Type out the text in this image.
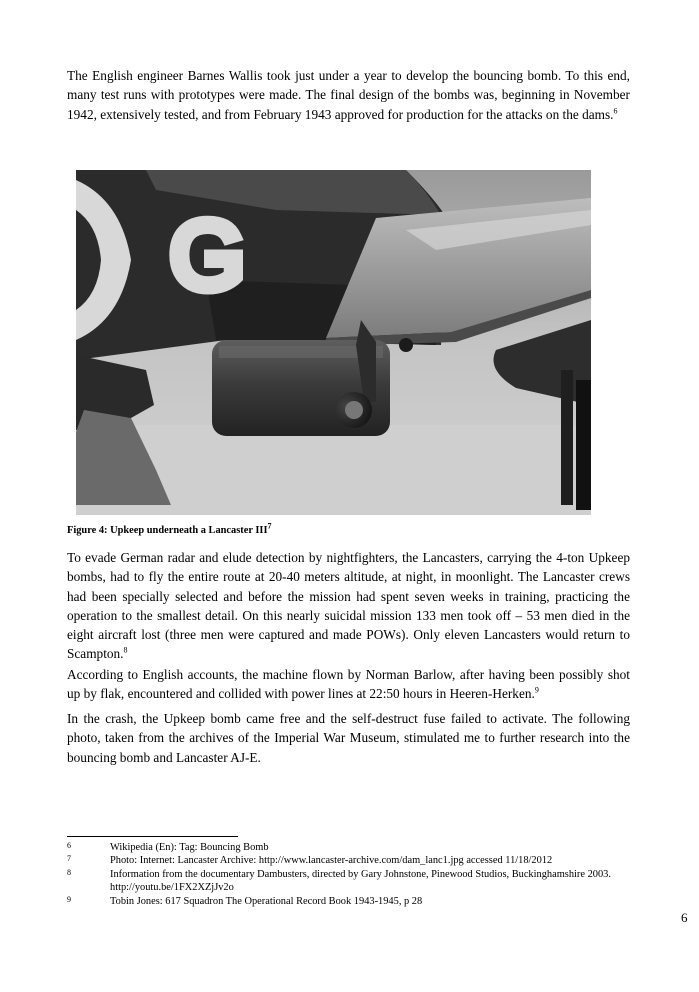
The English engineer Barnes Wallis took just under a year to develop the bouncing bomb. To this end, many test runs with prototypes were made. The final design of the bombs was, beginning in November 1942, extensively tested, and from February 1943 approved for production for the attacks on the dams.$^6$

G

Figure 4: Upkeep underneath a Lancaster III$^7$

To evade German radar and elude detection by nightfighters, the Lancasters, carrying the 4-ton Upkeep bombs, had to fly the entire route at 20-40 meters altitude, at night, in moonlight. The Lancaster crews had been specially selected and before the mission had spent seven weeks in training, practicing the operation to the smallest detail. On this nearly suicidal mission 133 men took off – 53 men died in the eight aircraft lost (three men were captured and made POWs). Only eleven Lancasters would return to Scampton.$^8$

According to English accounts, the machine flown by Norman Barlow, after having been possibly shot up by flak, encountered and collided with power lines at 22:50 hours in Heeren-Herken.$^9$

In the crash, the Upkeep bomb came free and the self-destruct fuse failed to activate. The following photo, taken from the archives of the Imperial War Museum, stimulated me to further research into the bouncing bomb and Lancaster AJ-E.

6	Wikipedia (En): Tag: Bouncing Bomb
7	Photo: Internet: Lancaster Archive: http://www.lancaster-archive.com/dam_lanc1.jpg accessed 11/18/2012
8	Information from the documentary Dambusters, directed by Gary Johnstone, Pinewood Studios, Buckinghamshire 2003. http://youtu.be/1FX2XZjJv2o
9	Tobin Jones: 617 Squadron The Operational Record Book 1943-1945, p 28
6
